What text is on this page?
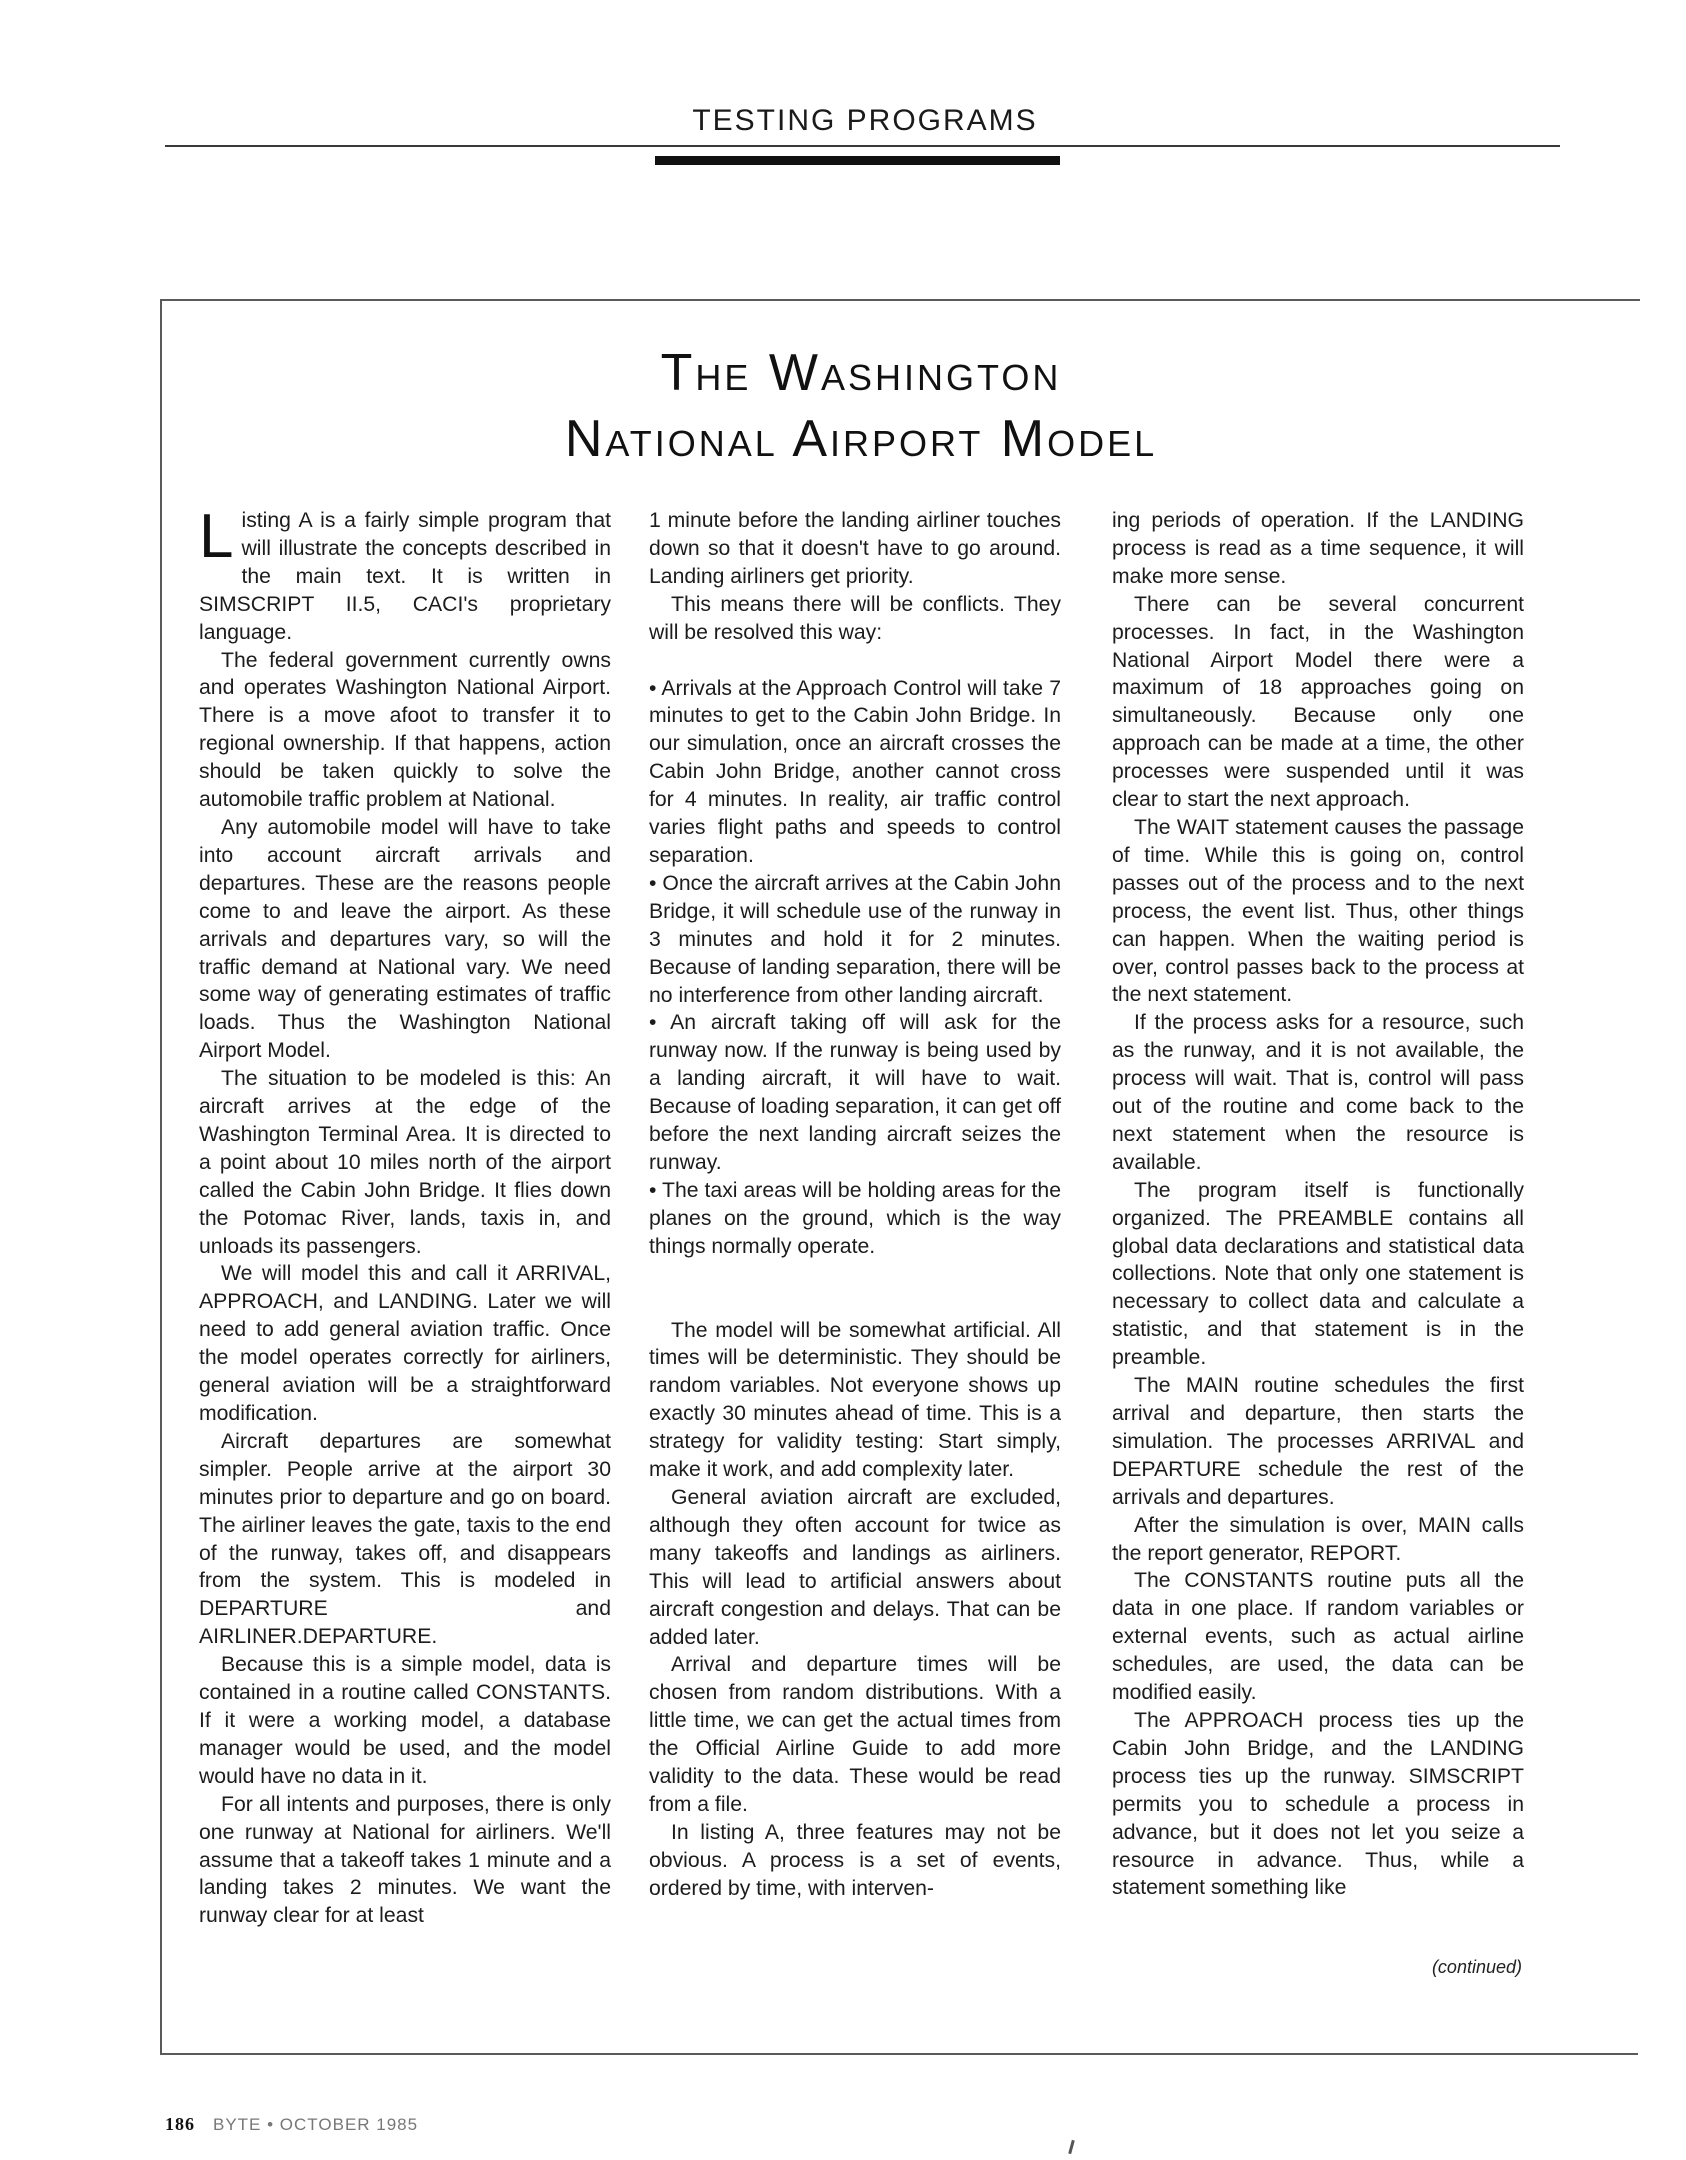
TESTING PROGRAMS
The Washington
National Airport Model

Listing A is a fairly simple program that will illustrate the concepts described in the main text. It is written in SIMSCRIPT II.5, CACI's proprietary language.

The federal government currently owns and operates Washington National Airport. There is a move afoot to transfer it to regional ownership. If that happens, action should be taken quickly to solve the automobile traffic problem at National.

Any automobile model will have to take into account aircraft arrivals and departures. These are the reasons people come to and leave the airport. As these arrivals and departures vary, so will the traffic demand at National vary. We need some way of generating estimates of traffic loads. Thus the Washington National Airport Model.

The situation to be modeled is this: An aircraft arrives at the edge of the Washington Terminal Area. It is directed to a point about 10 miles north of the airport called the Cabin John Bridge. It flies down the Potomac River, lands, taxis in, and unloads its passengers.

We will model this and call it ARRIVAL, APPROACH, and LANDING. Later we will need to add general aviation traffic. Once the model operates correctly for airliners, general aviation will be a straightforward modification.

Aircraft departures are somewhat simpler. People arrive at the airport 30 minutes prior to departure and go on board. The airliner leaves the gate, taxis to the end of the runway, takes off, and disappears from the system. This is modeled in DEPARTURE and AIRLINER.DEPARTURE.

Because this is a simple model, data is contained in a routine called CONSTANTS. If it were a working model, a database manager would be used, and the model would have no data in it.

For all intents and purposes, there is only one runway at National for airliners. We'll assume that a takeoff takes 1 minute and a landing takes 2 minutes. We want the runway clear for at least

1 minute before the landing airliner touches down so that it doesn't have to go around. Landing airliners get priority.

This means there will be conflicts. They will be resolved this way:

• Arrivals at the Approach Control will take 7 minutes to get to the Cabin John Bridge. In our simulation, once an aircraft crosses the Cabin John Bridge, another cannot cross for 4 minutes. In reality, air traffic control varies flight paths and speeds to control separation.

• Once the aircraft arrives at the Cabin John Bridge, it will schedule use of the runway in 3 minutes and hold it for 2 minutes. Because of landing separation, there will be no interference from other landing aircraft.

• An aircraft taking off will ask for the runway now. If the runway is being used by a landing aircraft, it will have to wait. Because of loading separation, it can get off before the next landing aircraft seizes the runway.

• The taxi areas will be holding areas for the planes on the ground, which is the way things normally operate.

The model will be somewhat artificial. All times will be deterministic. They should be random variables. Not everyone shows up exactly 30 minutes ahead of time. This is a strategy for validity testing: Start simply, make it work, and add complexity later.

General aviation aircraft are excluded, although they often account for twice as many takeoffs and landings as airliners. This will lead to artificial answers about aircraft congestion and delays. That can be added later.

Arrival and departure times will be chosen from random distributions. With a little time, we can get the actual times from the Official Airline Guide to add more validity to the data. These would be read from a file.

In listing A, three features may not be obvious. A process is a set of events, ordered by time, with interven-

ing periods of operation. If the LANDING process is read as a time sequence, it will make more sense.

There can be several concurrent processes. In fact, in the Washington National Airport Model there were a maximum of 18 approaches going on simultaneously. Because only one approach can be made at a time, the other processes were suspended until it was clear to start the next approach.

The WAIT statement causes the passage of time. While this is going on, control passes out of the process and to the next process, the event list. Thus, other things can happen. When the waiting period is over, control passes back to the process at the next statement.

If the process asks for a resource, such as the runway, and it is not available, the process will wait. That is, control will pass out of the routine and come back to the next statement when the resource is available.

The program itself is functionally organized. The PREAMBLE contains all global data declarations and statistical data collections. Note that only one statement is necessary to collect data and calculate a statistic, and that statement is in the preamble.

The MAIN routine schedules the first arrival and departure, then starts the simulation. The processes ARRIVAL and DEPARTURE schedule the rest of the arrivals and departures.

After the simulation is over, MAIN calls the report generator, REPORT.

The CONSTANTS routine puts all the data in one place. If random variables or external events, such as actual airline schedules, are used, the data can be modified easily.

The APPROACH process ties up the Cabin John Bridge, and the LANDING process ties up the runway. SIMSCRIPT permits you to schedule a process in advance, but it does not let you seize a resource in advance. Thus, while a statement something like

(continued)
186 BYTE • OCTOBER 1985
